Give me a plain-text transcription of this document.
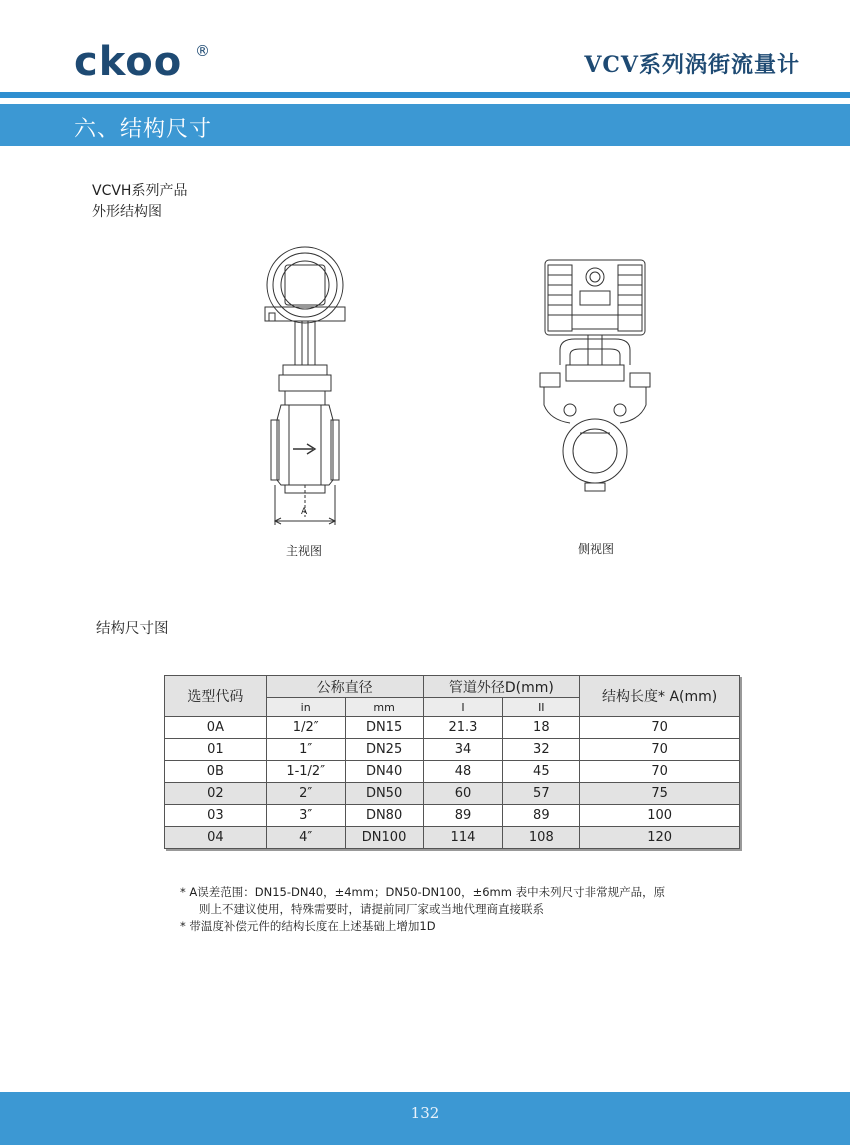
ckoo ®
VCV系列涡街流量计
六、结构尺寸
VCVH系列产品
外形结构图
A
主视图	侧视图
结构尺寸图
选型代码	公称直径		管道外径D(mm)		结构长度* A(mm)
	in	mm	I	II	
0A	1/2″	DN15	21.3	18	70
01	1″	DN25	34	32	70
0B	1-1/2″	DN40	48	45	70
02	2″	DN50	60	57	75
03	3″	DN80	89	89	100
04	4″	DN100	114	108	120
* A误差范围：DN15-DN40，±4mm；DN50-DN100，±6mm 表中未列尺寸非常规产品，原
则上不建议使用，特殊需要时，请提前同厂家或当地代理商直接联系
* 带温度补偿元件的结构长度在上述基础上增加1D
132
